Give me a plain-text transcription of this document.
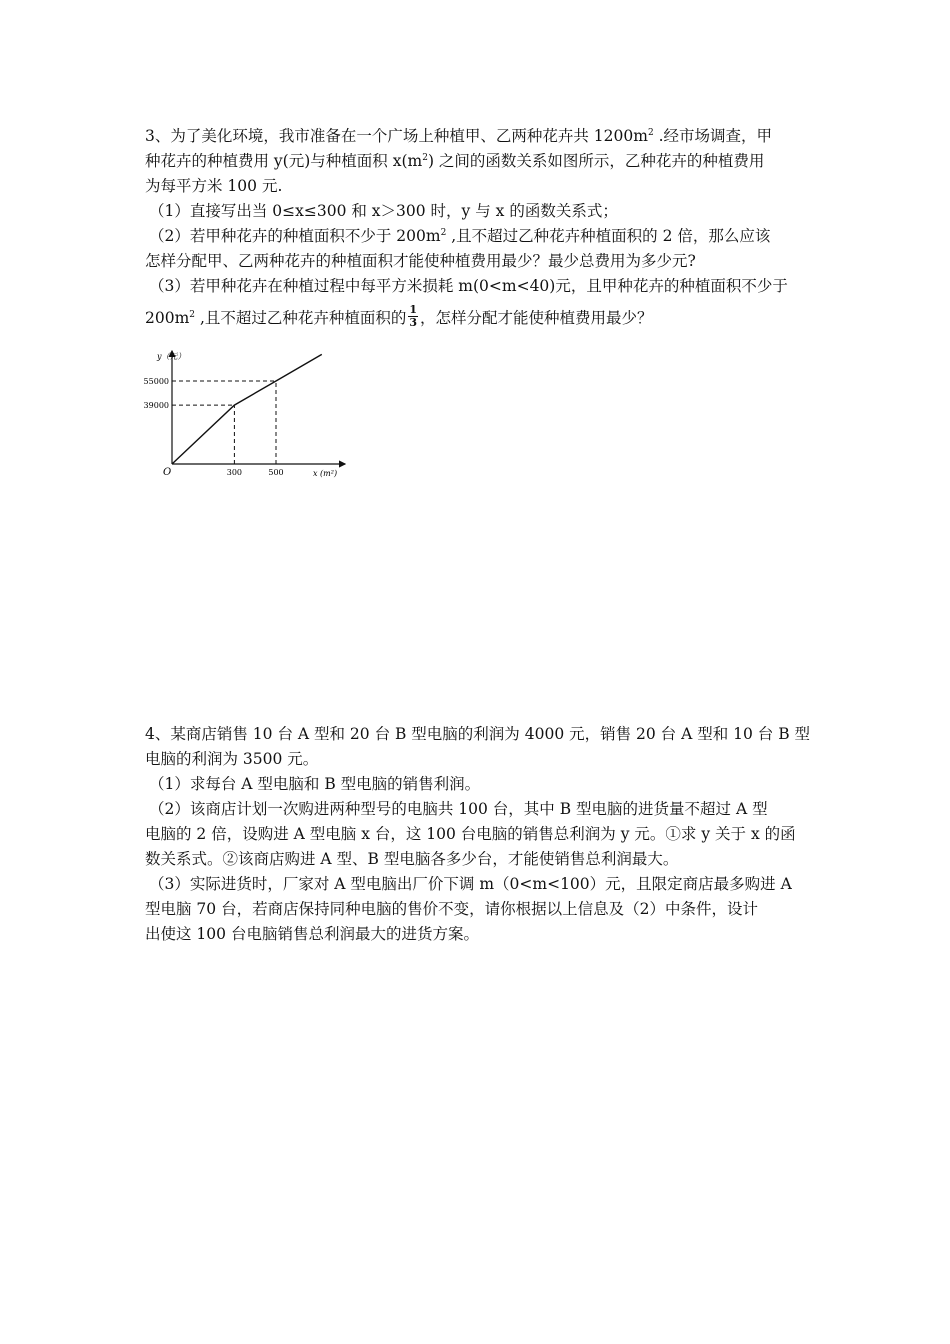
3、为了美化环境，我市准备在一个广场上种植甲、乙两种花卉共 $1200m^2$ .经市场调查，甲
种花卉的种植费用 y(元)与种植面积 $x(m^2)$ 之间的函数关系如图所示，乙种花卉的种植费用
为每平方米 100 元.
（1）直接写出当 0≤x≤300 和 x＞300 时，y 与 x 的函数关系式；
（2）若甲种花卉的种植面积不少于 $200m^2$ ,且不超过乙种花卉种植面积的 2 倍，那么应该
怎样分配甲、乙两种花卉的种植面积才能使种植费用最少？最少总费用为多少元?
（3）若甲种花卉在种植过程中每平方米损耗 m(0<m<40)元，且甲种花卉的种植面积不少于
$200m^2$ ,且不超过乙种花卉种植面积的 $\frac{1}{3}$ ，怎样分配才能使种植费用最少？
y（元）
x (m²)
O	300	500
39000
55000
4、某商店销售 10 台 A 型和 20 台 B 型电脑的利润为 4000 元，销售 20 台 A 型和 10 台 B 型
电脑的利润为 3500 元。
（1）求每台 A 型电脑和 B 型电脑的销售利润。
（2）该商店计划一次购进两种型号的电脑共 100 台，其中 B 型电脑的进货量不超过 A 型
电脑的 2 倍，设购进 A 型电脑 x 台，这 100 台电脑的销售总利润为 y 元。①求 y 关于 x 的函
数关系式。②该商店购进 A 型、B 型电脑各多少台，才能使销售总利润最大。
（3）实际进货时，厂家对 A 型电脑出厂价下调 m（0<m<100）元，且限定商店最多购进 A
型电脑 70 台，若商店保持同种电脑的售价不变，请你根据以上信息及（2）中条件，设计
出使这 100 台电脑销售总利润最大的进货方案。
